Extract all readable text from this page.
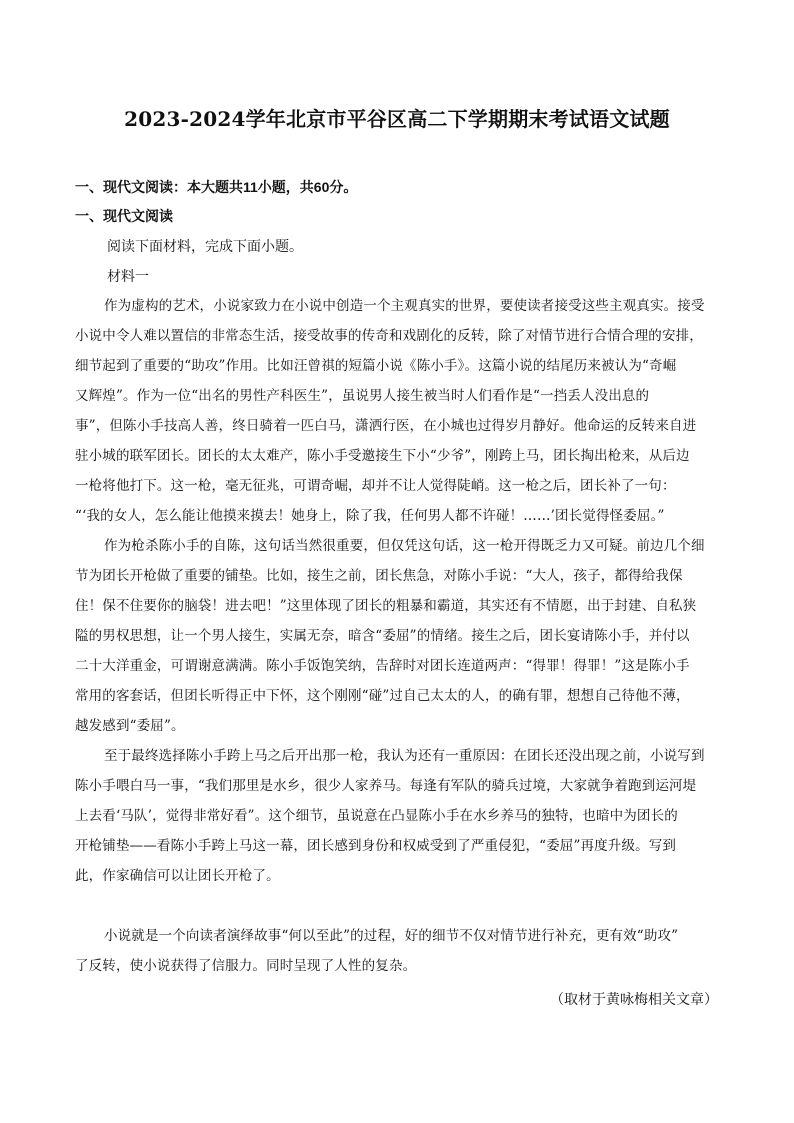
2023-2024学年北京市平谷区高二下学期期末考试语文试题
一、现代文阅读：本大题共11小题，共60分。
一、现代文阅读
阅读下面材料，完成下面小题。
材料一
作为虚构的艺术，小说家致力在小说中创造一个主观真实的世界，要使读者接受这些主观真实。接受
小说中令人难以置信的非常态生活，接受故事的传奇和戏剧化的反转，除了对情节进行合情合理的安排，
细节起到了重要的“助攻”作用。比如汪曾祺的短篇小说《陈小手》。这篇小说的结尾历来被认为“奇崛
又辉煌”。作为一位“出名的男性产科医生”，虽说男人接生被当时人们看作是“一挡丢人没出息的
事”，但陈小手技高人善，终日骑着一匹白马，潇洒行医，在小城也过得岁月静好。他命运的反转来自进
驻小城的联军团长。团长的太太难产，陈小手受邀接生下小“少爷”，刚跨上马，团长掏出枪来，从后边
一枪将他打下。这一枪，毫无征兆，可谓奇崛，却并不让人觉得陡峭。这一枪之后，团长补了一句：
“‘我的女人，怎么能让他摸来摸去！她身上，除了我，任何男人都不许碰！……’团长觉得怪委屈。”
作为枪杀陈小手的自陈，这句话当然很重要，但仅凭这句话，这一枪开得既乏力又可疑。前边几个细
节为团长开枪做了重要的铺垫。比如，接生之前，团长焦急，对陈小手说：“大人，孩子，都得给我保
住！保不住要你的脑袋！进去吧！”这里体现了团长的粗暴和霸道，其实还有不情愿，出于封建、自私狭
隘的男权思想，让一个男人接生，实属无奈，暗含“委屈”的情绪。接生之后，团长宴请陈小手，并付以
二十大洋重金，可谓谢意满满。陈小手饭饱笑纳，告辞时对团长连道两声：“得罪！得罪！”这是陈小手
常用的客套话，但团长听得正中下怀，这个刚刚“碰”过自己太太的人，的确有罪，想想自己待他不薄，
越发感到“委屈”。
至于最终选择陈小手跨上马之后开出那一枪，我认为还有一重原因：在团长还没出现之前，小说写到
陈小手喂白马一事，“我们那里是水乡，很少人家养马。每逢有军队的骑兵过境，大家就争着跑到运河堤
上去看‘马队’，觉得非常好看”。这个细节，虽说意在凸显陈小手在水乡养马的独特，也暗中为团长的
开枪铺垫——看陈小手跨上马这一幕，团长感到身份和权威受到了严重侵犯，“委屈”再度升级。写到
此，作家确信可以让团长开枪了。
小说就是一个向读者演绎故事“何以至此”的过程，好的细节不仅对情节进行补充，更有效“助攻”
了反转，使小说获得了信服力。同时呈现了人性的复杂。
（取材于黄咏梅相关文章）
